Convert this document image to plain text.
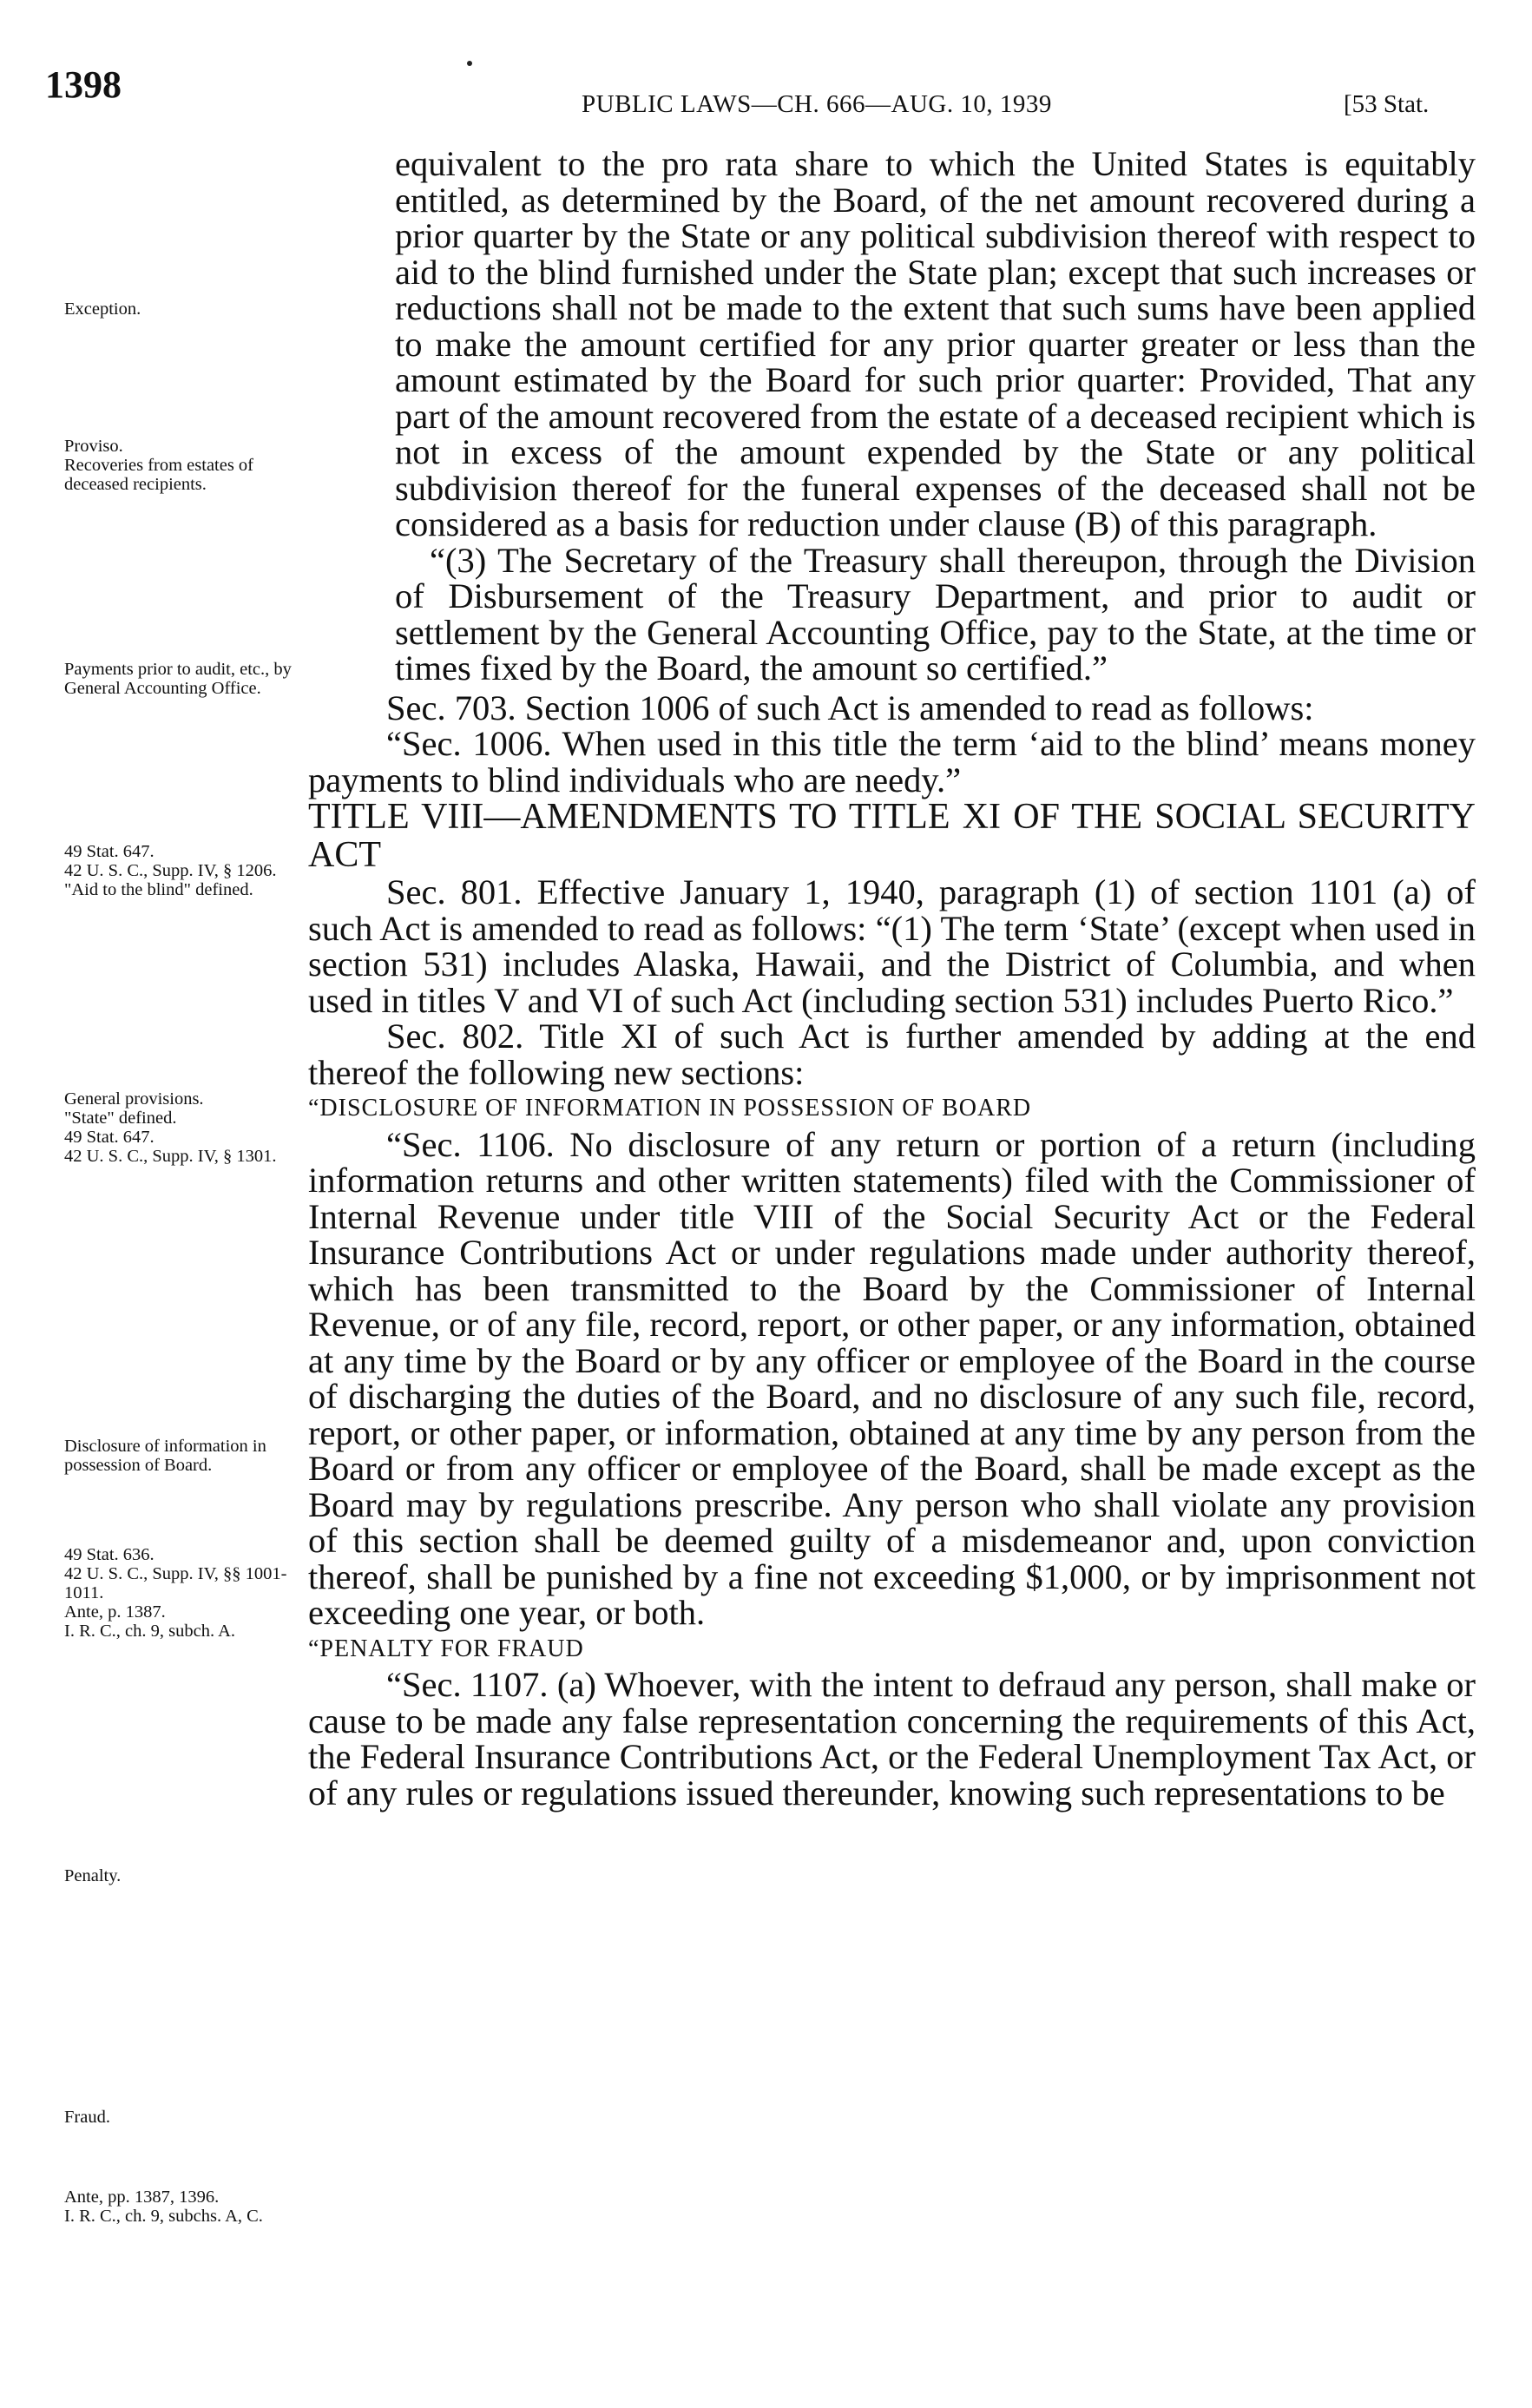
1398	PUBLIC LAWS—CH. 666—AUG. 10, 1939	[53 Stat.
Exception.
Proviso.
Recoveries from estates of deceased recipients.
Payments prior to audit, etc., by General Accounting Office.
49 Stat. 647.
42 U. S. C., Supp. IV, § 1206.
"Aid to the blind" defined.
General provisions.
"State" defined.
49 Stat. 647.
42 U. S. C., Supp. IV, § 1301.
Disclosure of information in possession of Board.
49 Stat. 636.
42 U. S. C., Supp. IV, §§ 1001-1011.
Ante, p. 1387.
I. R. C., ch. 9, subch. A.
Penalty.
Fraud.
Ante, pp. 1387, 1396.
I. R. C., ch. 9, subchs. A, C.

equivalent to the pro rata share to which the United States is equitably entitled, as determined by the Board, of the net amount recovered during a prior quarter by the State or any political subdivision thereof with respect to aid to the blind furnished under the State plan; except that such increases or reductions shall not be made to the extent that such sums have been applied to make the amount certified for any prior quarter greater or less than the amount estimated by the Board for such prior quarter: Provided, That any part of the amount recovered from the estate of a deceased recipient which is not in excess of the amount expended by the State or any political subdivision thereof for the funeral expenses of the deceased shall not be considered as a basis for reduction under clause (B) of this paragraph.

“(3) The Secretary of the Treasury shall thereupon, through the Division of Disbursement of the Treasury Department, and prior to audit or settlement by the General Accounting Office, pay to the State, at the time or times fixed by the Board, the amount so certified.”

Sec. 703. Section 1006 of such Act is amended to read as follows:

“Sec. 1006. When used in this title the term ‘aid to the blind’ means money payments to blind individuals who are needy.”

TITLE VIII—AMENDMENTS TO TITLE XI OF THE SOCIAL SECURITY ACT

Sec. 801. Effective January 1, 1940, paragraph (1) of section 1101 (a) of such Act is amended to read as follows: “(1) The term ‘State’ (except when used in section 531) includes Alaska, Hawaii, and the District of Columbia, and when used in titles V and VI of such Act (including section 531) includes Puerto Rico.”

Sec. 802. Title XI of such Act is further amended by adding at the end thereof the following new sections:

“DISCLOSURE OF INFORMATION IN POSSESSION OF BOARD

“Sec. 1106. No disclosure of any return or portion of a return (including information returns and other written statements) filed with the Commissioner of Internal Revenue under title VIII of the Social Security Act or the Federal Insurance Contributions Act or under regulations made under authority thereof, which has been transmitted to the Board by the Commissioner of Internal Revenue, or of any file, record, report, or other paper, or any information, obtained at any time by the Board or by any officer or employee of the Board in the course of discharging the duties of the Board, and no disclosure of any such file, record, report, or other paper, or information, obtained at any time by any person from the Board or from any officer or employee of the Board, shall be made except as the Board may by regulations prescribe. Any person who shall violate any provision of this section shall be deemed guilty of a misdemeanor and, upon conviction thereof, shall be punished by a fine not exceeding $1,000, or by imprisonment not exceeding one year, or both.

“PENALTY FOR FRAUD

“Sec. 1107. (a) Whoever, with the intent to defraud any person, shall make or cause to be made any false representation concerning the requirements of this Act, the Federal Insurance Contributions Act, or the Federal Unemployment Tax Act, or of any rules or regulations issued thereunder, knowing such representations to be
